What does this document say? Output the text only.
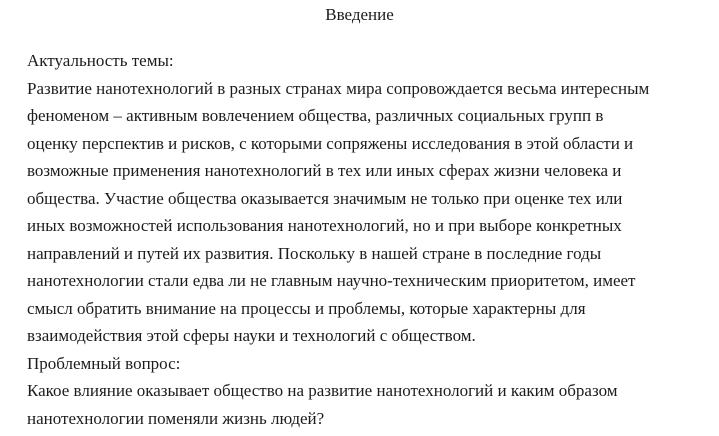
Введение
Актуальность темы:
Развитие нанотехнологий в разных странах мира сопровождается весьма интересным
феноменом – активным вовлечением общества, различных социальных групп в
оценку перспектив и рисков, с которыми сопряжены исследования в этой области и
возможные применения нанотехнологий в тех или иных сферах жизни человека и
общества. Участие общества оказывается значимым не только при оценке тех или
иных возможностей использования нанотехнологий, но и при выборе конкретных
направлений и путей их развития. Поскольку в нашей стране в последние годы
нанотехнологии стали едва ли не главным научно-техническим приоритетом, имеет
смысл обратить внимание на процессы и проблемы, которые характерны для
взаимодействия этой сферы науки и технологий с обществом.
Проблемный вопрос:
Какое влияние оказывает общество на развитие нанотехнологий и каким образом
нанотехнологии поменяли жизнь людей?
